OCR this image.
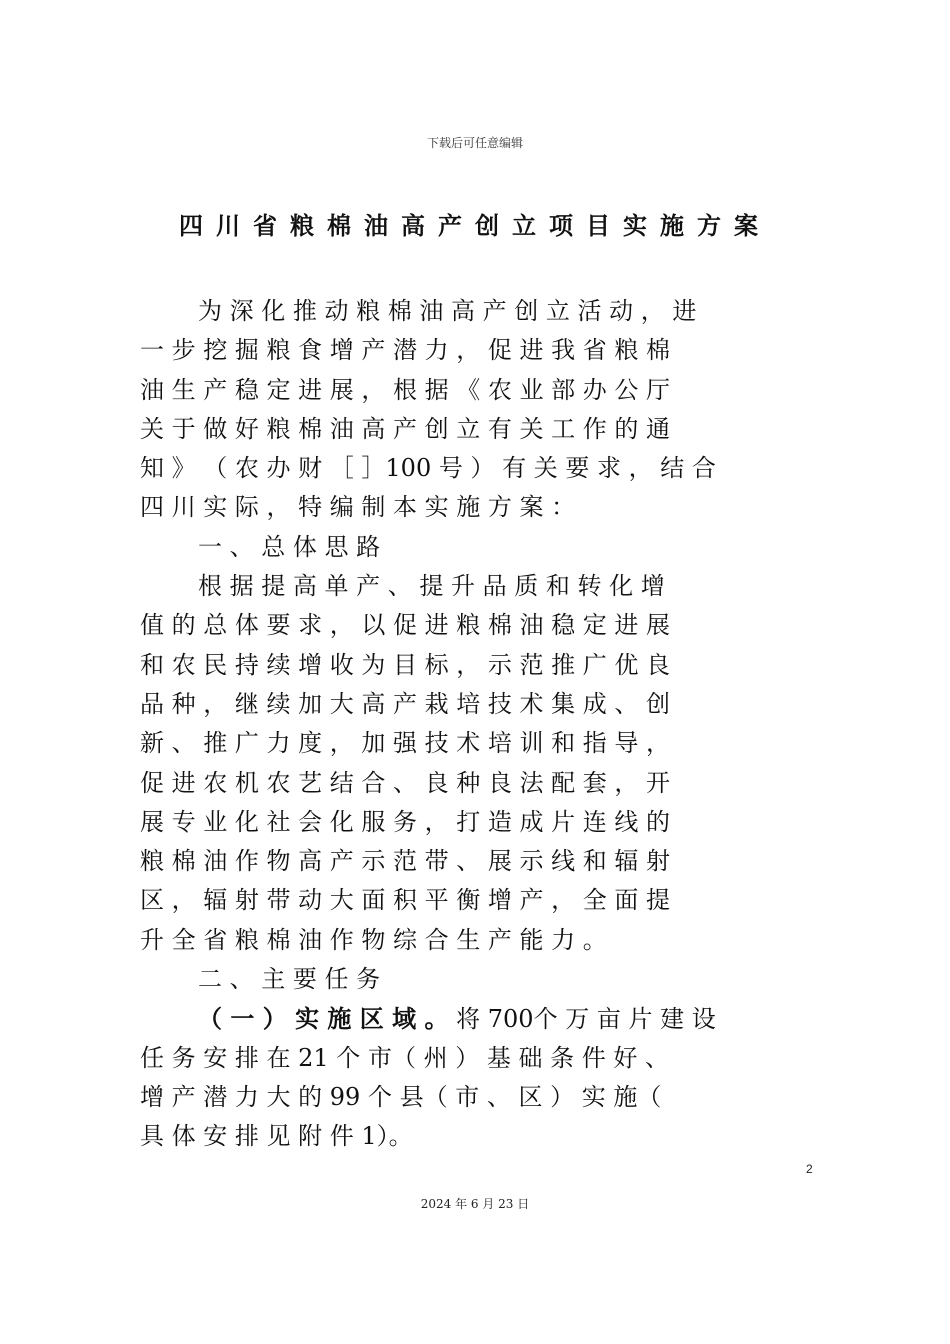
下载后可任意编辑
四川省粮棉油高产创立项目实施方案
为 深 化 推 动 粮 棉 油 高 产 创 立 活 动 ， 进
一 步 挖 掘 粮 食 增 产 潜 力 ， 促 进 我 省 粮 棉
油 生 产 稳 定 进 展 ， 根 据 《 农 业 部 办 公 厅
关 于 做 好 粮 棉 油 高 产 创 立 有 关 工 作 的 通
知 》 （ 农 办 财 ［ ］100 号 ） 有 关 要 求 ， 结 合
四 川 实 际 ， 特 编 制 本 实 施 方 案 ：
一 、 总 体 思 路
根 据 提 高 单 产 、 提 升 品 质 和 转 化 增
值 的 总 体 要 求 ， 以 促 进 粮 棉 油 稳 定 进 展
和 农 民 持 续 增 收 为 目 标 ， 示 范 推 广 优 良
品 种 ， 继 续 加 大 高 产 栽 培 技 术 集 成 、 创
新 、 推 广 力 度 ， 加 强 技 术 培 训 和 指 导 ，
促 进 农 机 农 艺 结 合 、 良 种 良 法 配 套 ， 开
展 专 业 化 社 会 化 服 务 ， 打 造 成 片 连 线 的
粮 棉 油 作 物 高 产 示 范 带 、 展 示 线 和 辐 射
区 ， 辐 射 带 动 大 面 积 平 衡 增 产 ， 全 面 提
升 全 省 粮 棉 油 作 物 综 合 生 产 能 力 。
二 、 主 要 任 务
（ 一 ） 实 施 区 域 。 将 700个 万 亩 片 建 设
任 务 安 排 在 21 个 市（ 州 ） 基 础 条 件 好 、
增 产 潜 力 大 的 99 个 县（ 市 、 区 ） 实 施（
具 体 安 排 见 附 件 1）。
2
2024 年 6 月 23 日
